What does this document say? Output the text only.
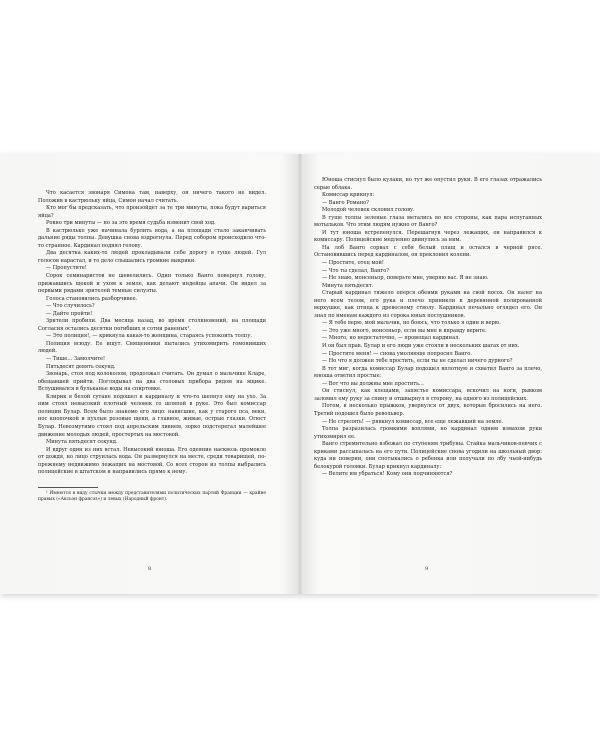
Что касается звонаря Симона там, наверху, он ничего такого не видел. Положив в кастрюльку яйца, Симон начал считать.

Кто мог бы предсказать, что произойдет за те три минуты, пока будут вариться яйца?

Ровно три минуты — но за это время судьба изменит свой ход.

В кастрюльке уже начинала бурлить вода, а на площади стало заканчивать дальние ряды толпы. Девушка снова вздрогнула. Перед собором происходило что-то странное. Кардинал поднял голову.

Два десятка каких-то людей прокладывали себе дорогу в гуще людей. Гул голосов нарастал, и то дело слышались громкие выкрики.

— Пропустите!

Сорок семинаристов не шевелились. Один только Ванго повернул голову, прижавшись щекой и ухом к земле, как делают индейцы апачи. Он видел за первыми рядами зрителей темные силуэты.

Голоса становились разборчивее.

— Что случилось?

— Дайте пройти!

Зрители пробили. Два месяца назад, во время столкновений, на площади Согласия остались десятки погибших и сотни раненых¹.

— Это полиция!, — крикнула какая-то женщина, стараясь успокоить толпу.

Полиция всюду. Ее ищут. Священники пытались утихомирить гомонивших людей.

— Тише… Замолчите!

Пятьдесят девять секунд.

Звонарь, стоя под колоколом, продолжал считать. Он думал о мальчике Кларе, обещавшей прийти. Поглядывал на два столовых прибора рядом на ящике. Вслушивался в бульканье воды на спиртовке.

Клирик в белой сутане подошел к кардиналу и что-то шепнул ему на ухо. За ним стоял невысокий плотный человек со шляпой в руке. Это был комиссар полиции Булар. Всем было знакомо его лицо: нависшие, как у старого пса, веки, нос кнопочкой и пухлые розовые щеки, а главное, живые, острые глазки. Огюст Булар. Невозмутимо стоял под апрельским ливнем, зорко подстерегал малейшее движение молодых людей, простертых на мостовой.

Минута пятьдесят секунд.

И вдруг один из них встал. Невысокий юноша. Его одеяние насквозь промокло от дождя, но лицо струилась вода. Он развернулся на месте, среди товарищей, по-прежнему недвижимо лежащих на мостовой. Со всех сторон из толпы выбрались полицейские в штатском и направились прямо к нему.

¹ Имеются в виду стычки между представителями политических партий Франции — крайне правых («Аксьон франсэз») и левых (Народный фронт).

Юноша стиснул было кулаки, но тут же опустил руки. В его глазах отражались серые облака.

Комиссар крикнул:

— Ванго Романо?

Молодой человек склонил голову.

В гуще толпы зеленые глаза метались во все стороны, как пара испуганных мотыльков. Что этим людям нужно от Ванго?

И тут юноша встрепенулся. Перешагнув через лежащих, он направился к комиссару. Полицейские медленно двинулись за ним.

На лоб Ванго сорвал с себя белый плащ и остался в черной рясе. Остановившись перед кардиналом, он преклонил колени.

— Простите, отец мой!

— Что ты сделал, Ванго?

— Не знаю, монсеньор, поверьте мне, уверяю вас. Я не знаю.

Минута пятьдесят.

Старый кардинал тяжело оперся обеими руками на свой посох. Он налег на него всем телом, его рука и плечо приникли к деревянной полированной верхушке, как птица к древесному стволу. Кардинал печально оглядел его. Он знал по именам каждого из сорока юных послушников.

— Я тебе верю, мой мальчик, но боюсь, что только я один и верю.

— Это уже много, монсеньор, если вы мне и вправду верите.

— Много, но недостаточно, — провещал кардинал.

И он был прав. Булар и его люди уже стояли в нескольких шагах от них.

— Простите меня! — снова умоляюще попросил Ванго.

— Но что я должен тебе простить, если ты не сделал ничего дурного?

В тот миг, когда комиссар Булар подошел вплотную и схватил Ванго за плечо, юноша ответил простые:

— Вот что вы должны мне простить…

Он стиснул, как клещами, запястье комиссара, вскочил на ноги, рывком заломил ему руку за спину и отшвырнул в сторону, на одного из полицейских.

Потом, в несколько прыжков, увернулся от двух, которые бросились на него. Третий подошел было револьвер.

— Не стрелять! — рявкнул комиссар, все еще лежавший на земле.

Толпа разразилась громкими воплями, но кардинал одним взмахом руки утихомирил ее.

Ванго стремительно взбежал по ступеням трибуны. Стайка мальчиков-певчих с криками рассыпалась на его пути. Полицейские снова угодили на школьный двор: куда ни поверни, они спотыкались о ребенка или получали по лбу чьей-нибудь белокурой головки. Булар крикнул кардиналу:

— Велите им убраться! Кому они подчиняются?

8	9
